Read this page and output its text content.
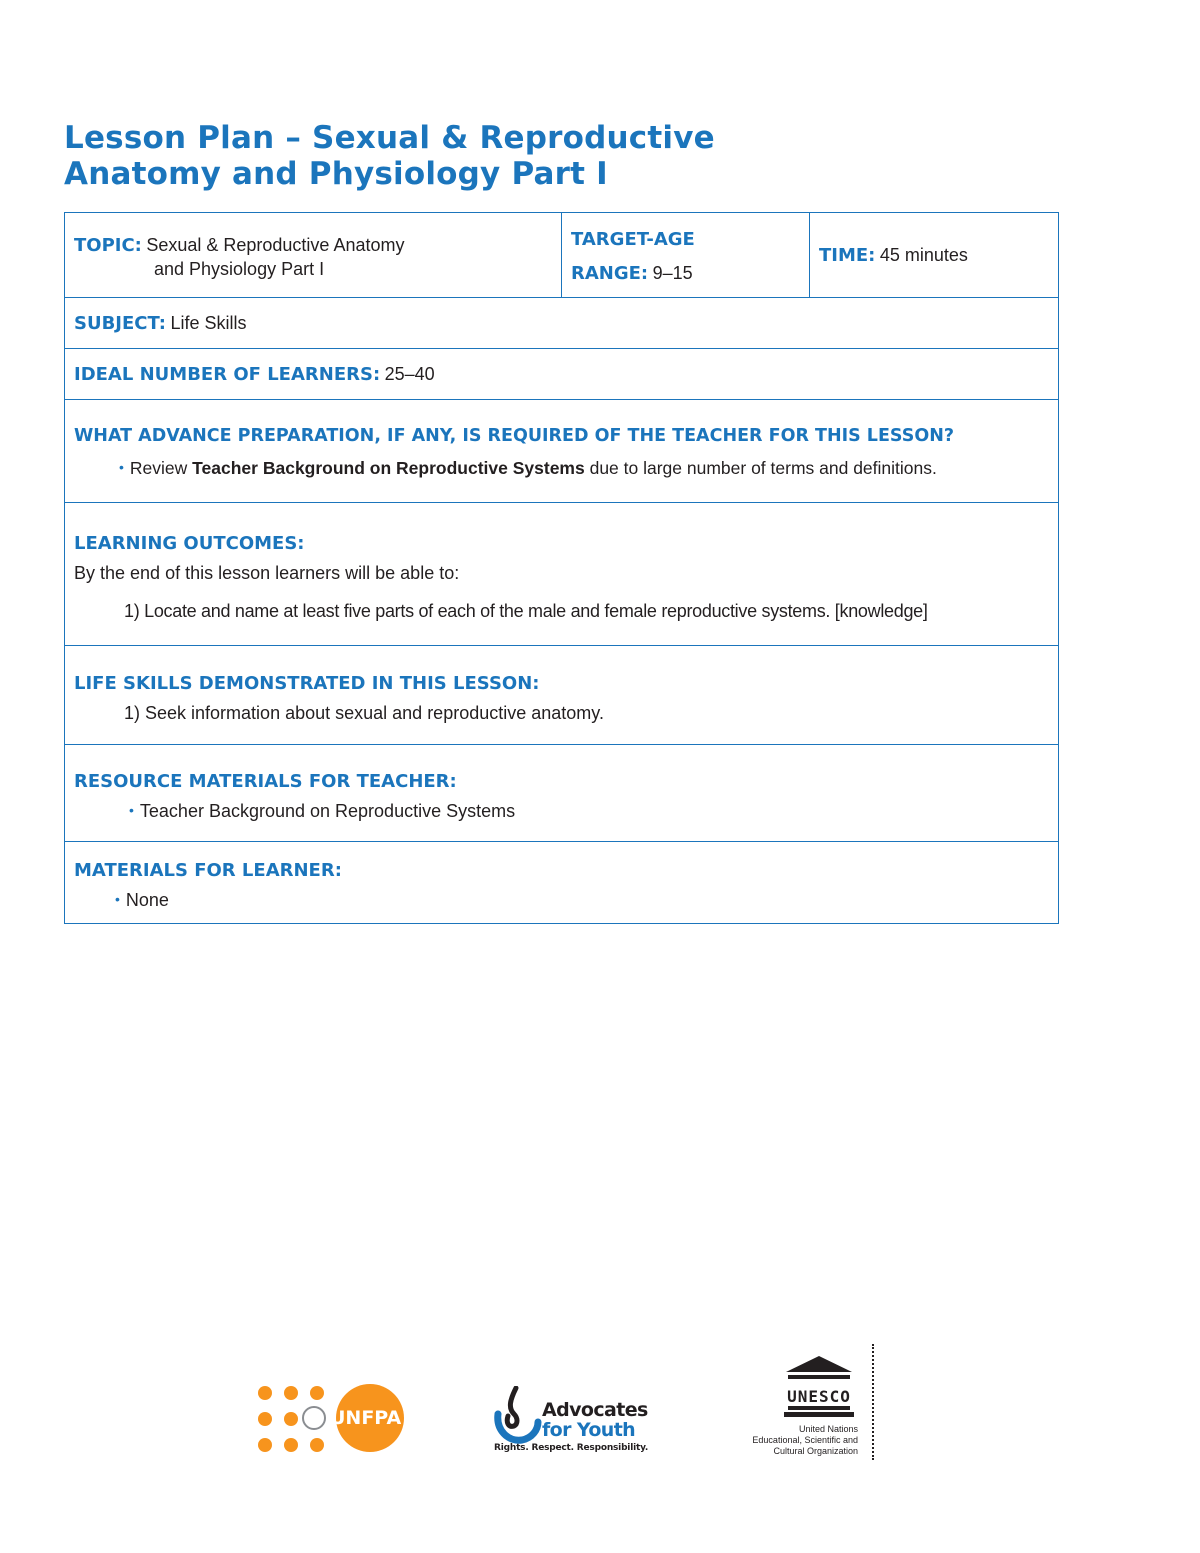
Lesson Plan – Sexual & Reproductive
Anatomy and Physiology Part I
TOPIC: Sexual & Reproductive Anatomy
and Physiology Part I

TARGET-AGE
RANGE: 9–15

TIME: 45 minutes

SUBJECT: Life Skills

IDEAL NUMBER OF LEARNERS: 25–40

WHAT ADVANCE PREPARATION, IF ANY, IS REQUIRED OF THE TEACHER FOR THIS LESSON?
• Review Teacher Background on Reproductive Systems due to large number of terms and definitions.

LEARNING OUTCOMES:
By the end of this lesson learners will be able to:
1) Locate and name at least five parts of each of the male and female reproductive systems. [knowledge]

LIFE SKILLS DEMONSTRATED IN THIS LESSON:
1) Seek information about sexual and reproductive anatomy.

RESOURCE MATERIALS FOR TEACHER:
• Teacher Background on Reproductive Systems

MATERIALS FOR LEARNER:
• None
UNFPA	Advocates
for Youth
Rights. Respect. Responsibility.
UNESCO
United Nations
Educational, Scientific and
Cultural Organization
